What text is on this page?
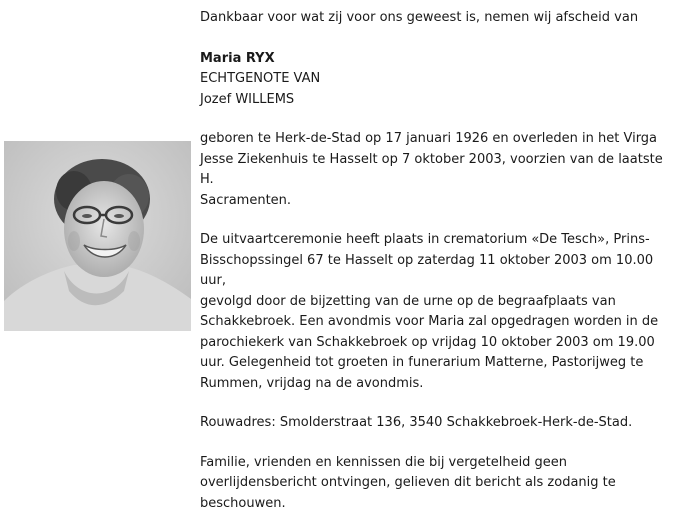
Dankbaar voor wat zij voor ons geweest is, nemen wij afscheid van

Maria RYX

ECHTGENOTE VAN

Jozef WILLEMS

geboren te Herk-de-Stad op 17 januari 1926 en overleden in het Virga

Jesse Ziekenhuis te Hasselt op 7 oktober 2003, voorzien van de laatste H.

Sacramenten.

De uitvaartceremonie heeft plaats in crematorium «De Tesch», Prins-

Bisschopssingel 67 te Hasselt op zaterdag 11 oktober 2003 om 10.00 uur,

gevolgd door de bijzetting van de urne op de begraafplaats van

Schakkebroek. Een avondmis voor Maria zal opgedragen worden in de

parochiekerk van Schakkebroek op vrijdag 10 oktober 2003 om 19.00

uur. Gelegenheid tot groeten in funerarium Matterne, Pastorijweg te

Rummen, vrijdag na de avondmis.

Rouwadres: Smolderstraat 136, 3540 Schakkebroek-Herk-de-Stad.

Familie, vrienden en kennissen die bij vergetelheid geen

overlijdensbericht ontvingen, gelieven dit bericht als zodanig te

beschouwen.
